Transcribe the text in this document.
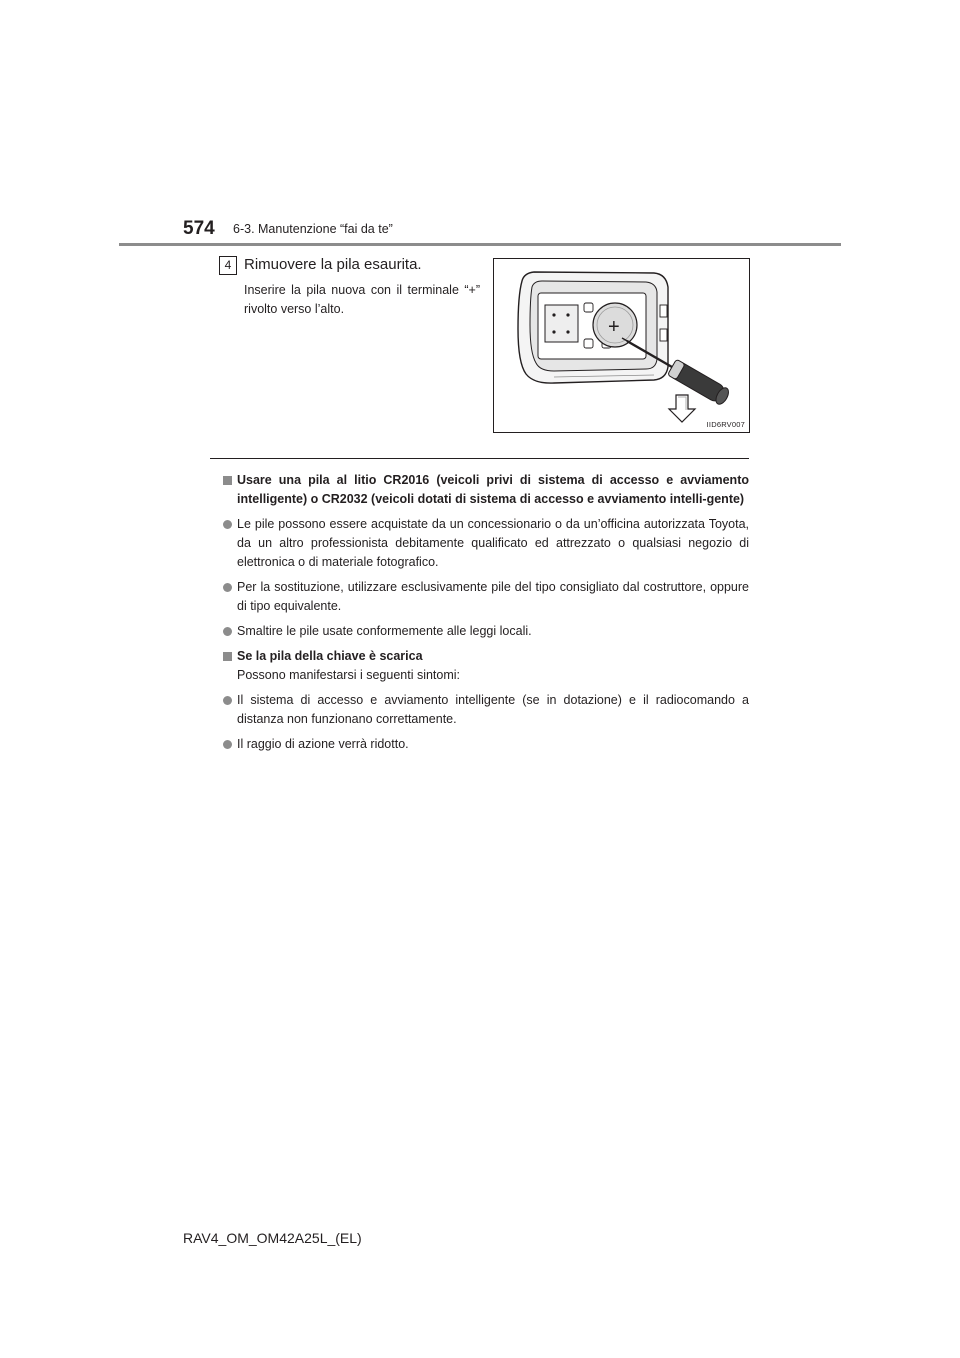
574 6-3. Manutenzione “fai da te”
4 Rimuovere la pila esaurita.
Inserire la pila nuova con il terminale “+” rivolto verso l’alto.
+
IID6RV007
Usare una pila al litio CR2016 (veicoli privi di sistema di accesso e avviamento intelligente) o CR2032 (veicoli dotati di sistema di accesso e avviamento intelli-gente)
Le pile possono essere acquistate da un concessionario o da un’officina autorizzata Toyota, da un altro professionista debitamente qualificato ed attrezzato o qualsiasi negozio di elettronica o di materiale fotografico.
Per la sostituzione, utilizzare esclusivamente pile del tipo consigliato dal costruttore, oppure di tipo equivalente.
Smaltire le pile usate conformemente alle leggi locali.
Se la pila della chiave è scarica
Possono manifestarsi i seguenti sintomi:
Il sistema di accesso e avviamento intelligente (se in dotazione) e il radiocomando a distanza non funzionano correttamente.
Il raggio di azione verrà ridotto.
RAV4_OM_OM42A25L_(EL)
